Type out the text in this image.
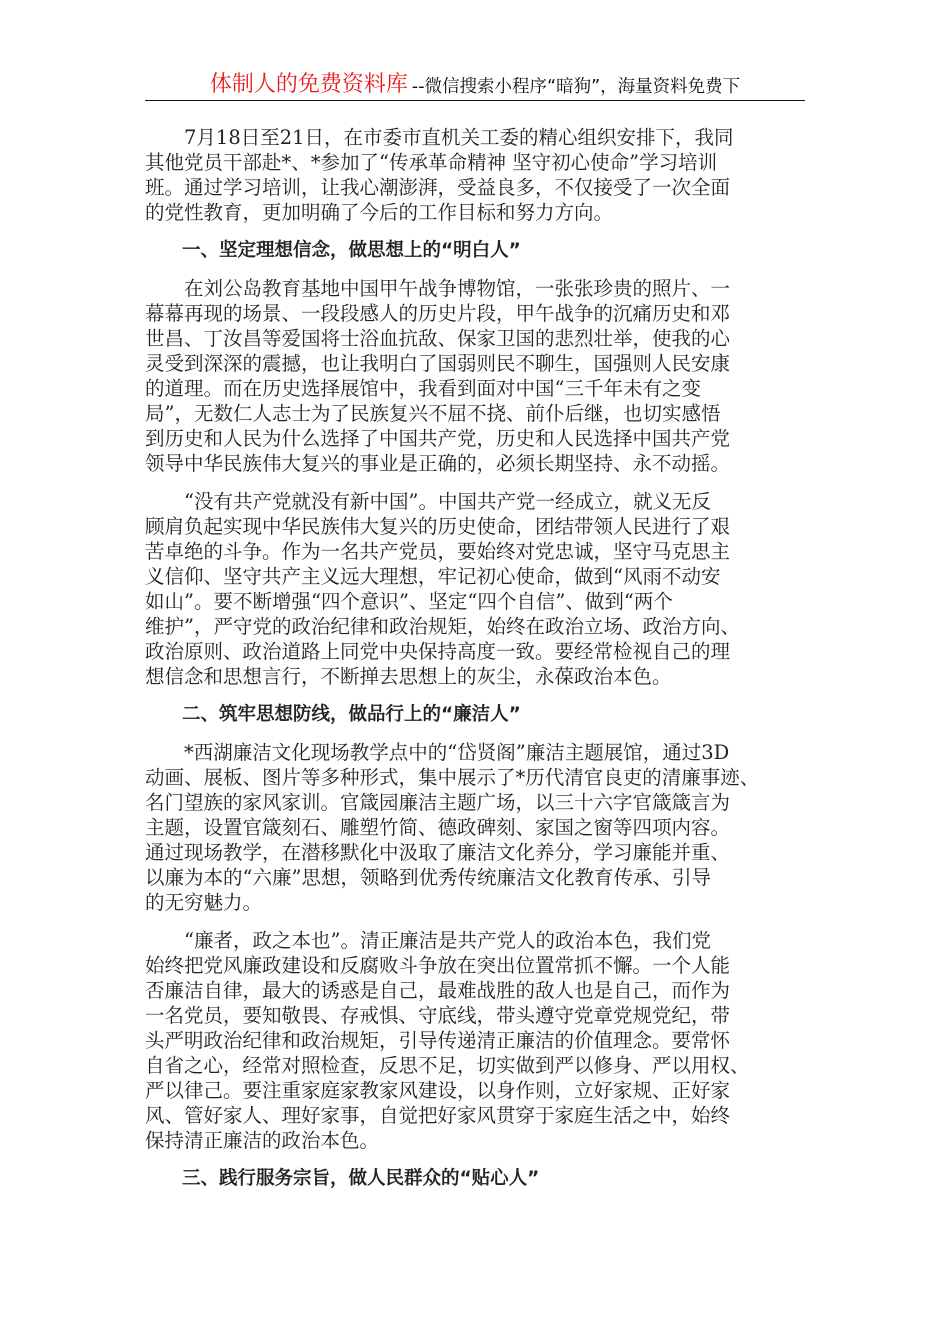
体制人的免费资料库 --微信搜索小程序“暗狗”，海量资料免费下
　　7月18日至21日，在市委市直机关工委的精心组织安排下，我同
其他党员干部赴*、*参加了“传承革命精神 坚守初心使命”学习培训
班。通过学习培训，让我心潮澎湃，受益良多，不仅接受了一次全面
的党性教育，更加明确了今后的工作目标和努力方向。
　　一、坚定理想信念，做思想上的“明白人”
　　在刘公岛教育基地中国甲午战争博物馆，一张张珍贵的照片、一
幕幕再现的场景、一段段感人的历史片段，甲午战争的沉痛历史和邓
世昌、丁汝昌等爱国将士浴血抗敌、保家卫国的悲烈壮举，使我的心
灵受到深深的震撼，也让我明白了国弱则民不聊生，国强则人民安康
的道理。而在历史选择展馆中，我看到面对中国“三千年未有之变
局”，无数仁人志士为了民族复兴不屈不挠、前仆后继，也切实感悟
到历史和人民为什么选择了中国共产党，历史和人民选择中国共产党
领导中华民族伟大复兴的事业是正确的，必须长期坚持、永不动摇。
　　“没有共产党就没有新中国”。中国共产党一经成立，就义无反
顾肩负起实现中华民族伟大复兴的历史使命，团结带领人民进行了艰
苦卓绝的斗争。作为一名共产党员，要始终对党忠诚，坚守马克思主
义信仰、坚守共产主义远大理想，牢记初心使命，做到“风雨不动安
如山”。要不断增强“四个意识”、坚定“四个自信”、做到“两个
维护”，严守党的政治纪律和政治规矩，始终在政治立场、政治方向、
政治原则、政治道路上同党中央保持高度一致。要经常检视自己的理
想信念和思想言行，不断掸去思想上的灰尘，永葆政治本色。
　　二、筑牢思想防线，做品行上的“廉洁人”
　　*西湖廉洁文化现场教学点中的“岱贤阁”廉洁主题展馆，通过3D
动画、展板、图片等多种形式，集中展示了*历代清官良吏的清廉事迹、
名门望族的家风家训。官箴园廉洁主题广场，以三十六字官箴箴言为
主题，设置官箴刻石、雕塑竹简、德政碑刻、家国之窗等四项内容。
通过现场教学，在潜移默化中汲取了廉洁文化养分，学习廉能并重、
以廉为本的“六廉”思想，领略到优秀传统廉洁文化教育传承、引导
的无穷魅力。
　　“廉者，政之本也”。清正廉洁是共产党人的政治本色，我们党
始终把党风廉政建设和反腐败斗争放在突出位置常抓不懈。一个人能
否廉洁自律，最大的诱惑是自己，最难战胜的敌人也是自己，而作为
一名党员，要知敬畏、存戒惧、守底线，带头遵守党章党规党纪，带
头严明政治纪律和政治规矩，引导传递清正廉洁的价值理念。要常怀
自省之心，经常对照检查，反思不足，切实做到严以修身、严以用权、
严以律己。要注重家庭家教家风建设，以身作则，立好家规、正好家
风、管好家人、理好家事，自觉把好家风贯穿于家庭生活之中，始终
保持清正廉洁的政治本色。
　　三、践行服务宗旨，做人民群众的“贴心人”
